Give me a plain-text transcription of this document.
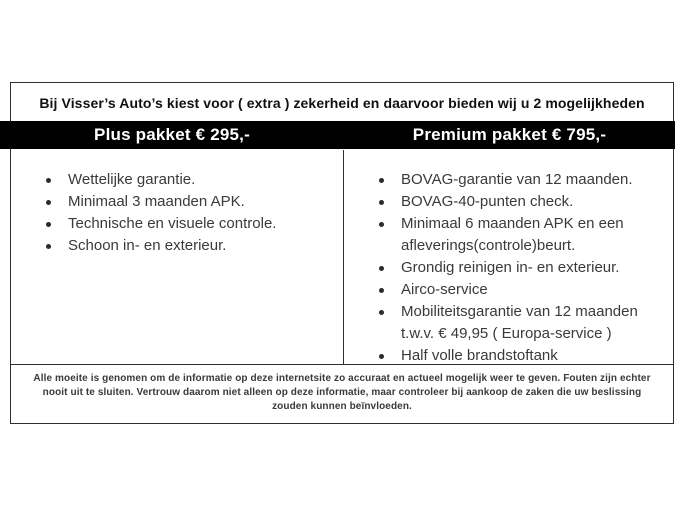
Bij Visser’s Auto’s kiest voor ( extra ) zekerheid en daarvoor bieden wij u 2 mogelijkheden
Wettelijke garantie.
Minimaal 3 maanden APK.
Technische en visuele controle.
Schoon in- en exterieur.
BOVAG-garantie van 12 maanden.
BOVAG-40-punten check.
Minimaal 6 maanden APK en een afleverings(controle)beurt.
Grondig reinigen in- en exterieur.
Airco-service
Mobiliteitsgarantie van 12 maanden t.w.v. € 49,95 ( Europa-service )
Half volle brandstoftank
Alle moeite is genomen om de informatie op deze internetsite zo accuraat en actueel mogelijk weer te geven. Fouten zijn echter nooit uit te sluiten. Vertrouw daarom niet alleen op deze informatie, maar controleer bij aankoop de zaken die uw beslissing zouden kunnen beïnvloeden.
Plus pakket € 295,-	Premium pakket € 795,-
